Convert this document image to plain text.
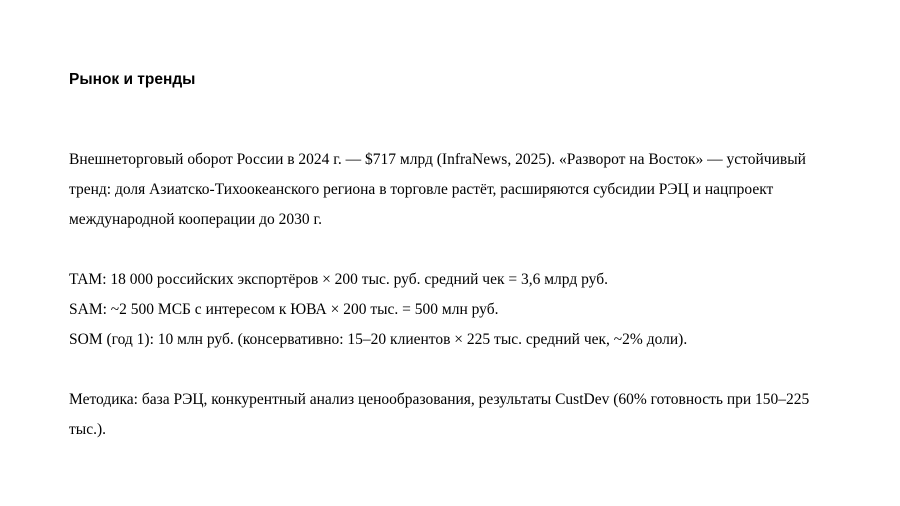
Рынок и тренды

Внешнеторговый оборот России в 2024 г. — $717 млрд (InfraNews, 2025). «Разворот на Восток» — устойчивый тренд: доля Азиатско-Тихоокеанского региона в торговле растёт, расширяются субсидии РЭЦ и нацпроект международной кооперации до 2030 г.

TAM: 18 000 российских экспортёров × 200 тыс. руб. средний чек = 3,6 млрд руб.

SAM: ~2 500 МСБ с интересом к ЮВА × 200 тыс. = 500 млн руб.

SOM (год 1): 10 млн руб. (консервативно: 15–20 клиентов × 225 тыс. средний чек, ~2% доли).

Методика: база РЭЦ, конкурентный анализ ценообразования, результаты CustDev (60% готовность при 150–225 тыс.).
